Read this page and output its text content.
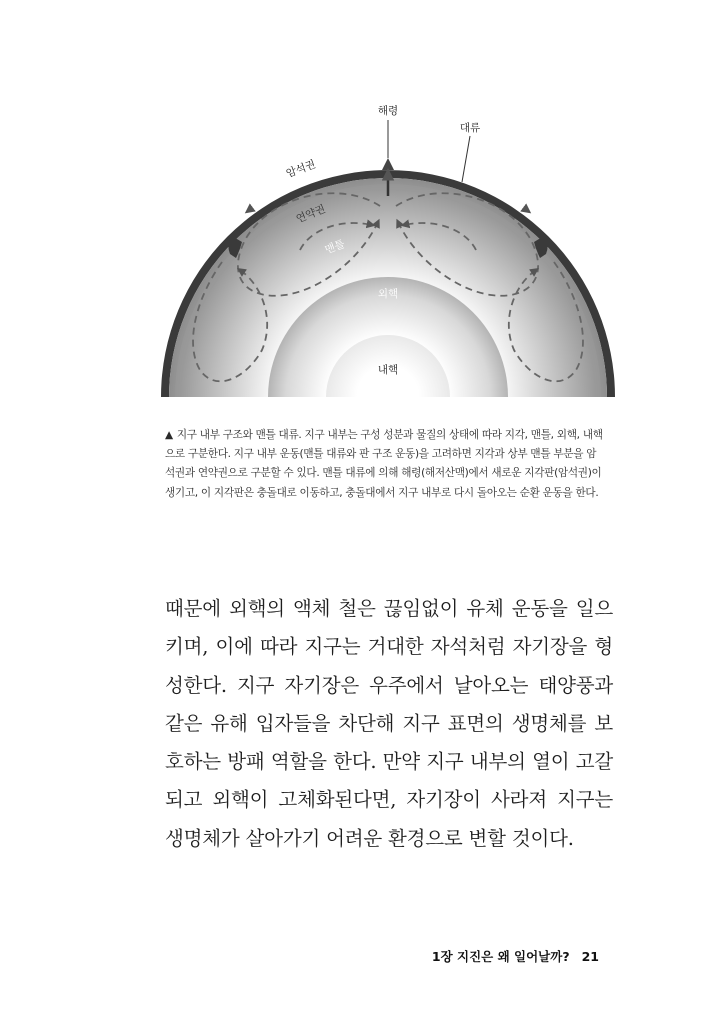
해령
대류
암석권
연약권
맨틀
외핵
내핵
▲ 지구 내부 구조와 맨틀 대류. 지구 내부는 구성 성분과 물질의 상태에 따라 지각, 맨틀, 외핵, 내핵으로 구분한다. 지구 내부 운동(맨틀 대류와 판 구조 운동)을 고려하면 지각과 상부 맨틀 부분을 암석권과 연약권으로 구분할 수 있다. 맨틀 대류에 의해 해령(해저산맥)에서 새로운 지각판(암석권)이 생기고, 이 지각판은 충돌대로 이동하고, 충돌대에서 지구 내부로 다시 돌아오는 순환 운동을 한다.
때문에 외핵의 액체 철은 끊임없이 유체 운동을 일으키며, 이에 따라 지구는 거대한 자석처럼 자기장을 형성한다. 지구 자기장은 우주에서 날아오는 태양풍과 같은 유해 입자들을 차단해 지구 표면의 생명체를 보호하는 방패 역할을 한다. 만약 지구 내부의 열이 고갈되고 외핵이 고체화된다면, 자기장이 사라져 지구는 생명체가 살아가기 어려운 환경으로 변할 것이다.
1장 지진은 왜 일어날까? 21
